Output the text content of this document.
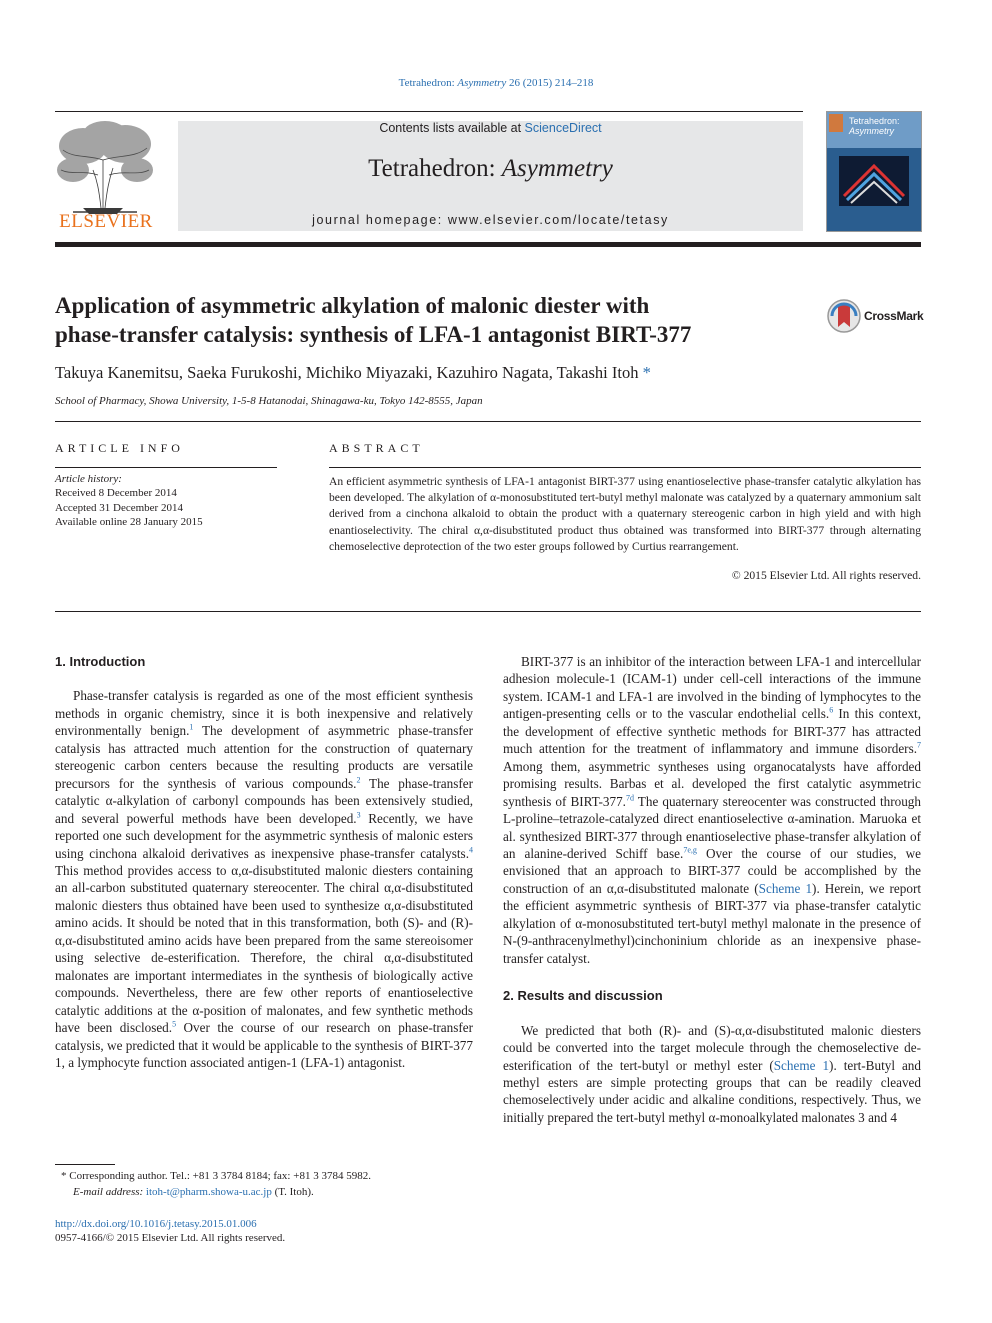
Tetrahedron: Asymmetry 26 (2015) 214–218
ELSEVIER
Contents lists available at ScienceDirect
Tetrahedron: Asymmetry
journal homepage: www.elsevier.com/locate/tetasy
Tetrahedron:
Asymmetry
Application of asymmetric alkylation of malonic diester with
phase-transfer catalysis: synthesis of LFA-1 antagonist BIRT-377
CrossMark
Takuya Kanemitsu, Saeka Furukoshi, Michiko Miyazaki, Kazuhiro Nagata, Takashi Itoh *
School of Pharmacy, Showa University, 1-5-8 Hatanodai, Shinagawa-ku, Tokyo 142-8555, Japan
ARTICLE INFO
Article history:
Received 8 December 2014
Accepted 31 December 2014
Available online 28 January 2015
ABSTRACT
An efficient asymmetric synthesis of LFA-1 antagonist BIRT-377 using enantioselective phase-transfer catalytic alkylation has been developed. The alkylation of α-monosubstituted tert-butyl methyl malonate was catalyzed by a quaternary ammonium salt derived from a cinchona alkaloid to obtain the product with a quaternary stereogenic carbon in high yield and with high enantioselectivity. The chiral α,α-disubstituted product thus obtained was transformed into BIRT-377 through alternating chemoselective deprotection of the two ester groups followed by Curtius rearrangement.
© 2015 Elsevier Ltd. All rights reserved.
1. Introduction

Phase-transfer catalysis is regarded as one of the most efficient synthesis methods in organic chemistry, since it is both inexpensive and relatively environmentally benign.$^1$ The development of asymmetric phase-transfer catalysis has attracted much attention for the construction of quaternary stereogenic carbon centers because the resulting products are versatile precursors for the synthesis of various compounds.$^2$ The phase-transfer catalytic α-alkylation of carbonyl compounds has been extensively studied, and several powerful methods have been developed.$^3$ Recently, we have reported one such development for the asymmetric synthesis of malonic esters using cinchona alkaloid derivatives as inexpensive phase-transfer catalysts.$^4$ This method provides access to α,α-disubstituted malonic diesters containing an all-carbon substituted quaternary stereocenter. The chiral α,α-disubstituted malonic diesters thus obtained have been used to synthesize α,α-disubstituted amino acids. It should be noted that in this transformation, both (S)- and (R)-α,α-disubstituted amino acids have been prepared from the same stereoisomer using selective de-esterification. Therefore, the chiral α,α-disubstituted malonates are important intermediates in the synthesis of biologically active compounds. Nevertheless, there are few other reports of enantioselective catalytic additions at the α-position of malonates, and few synthetic methods have been disclosed.$^5$ Over the course of our research on phase-transfer catalysis, we predicted that it would be applicable to the synthesis of BIRT-377 1, a lymphocyte function associated antigen-1 (LFA-1) antagonist.

BIRT-377 is an inhibitor of the interaction between LFA-1 and intercellular adhesion molecule-1 (ICAM-1) under cell-cell interactions of the immune system. ICAM-1 and LFA-1 are involved in the binding of lymphocytes to the antigen-presenting cells or to the vascular endothelial cells.$^6$ In this context, the development of effective synthetic methods for BIRT-377 has attracted much attention for the treatment of inflammatory and immune disorders.$^7$ Among them, asymmetric syntheses using organocatalysts have afforded promising results. Barbas et al. developed the first catalytic asymmetric synthesis of BIRT-377.$^{7d}$ The quaternary stereocenter was constructed through L-proline–tetrazole-catalyzed direct enantioselective α-amination. Maruoka et al. synthesized BIRT-377 through enantioselective phase-transfer alkylation of an alanine-derived Schiff base.$^{7e,g}$ Over the course of our studies, we envisioned that an approach to BIRT-377 could be accomplished by the construction of an α,α-disubstituted malonate (Scheme 1). Herein, we report the efficient asymmetric synthesis of BIRT-377 via phase-transfer catalytic alkylation of α-monosubstituted tert-butyl methyl malonate in the presence of N-(9-anthracenylmethyl)cinchoninium chloride as an inexpensive phase-transfer catalyst.

2. Results and discussion

We predicted that both (R)- and (S)-α,α-disubstituted malonic diesters could be converted into the target molecule through the chemoselective de-esterification of the tert-butyl or methyl ester (Scheme 1). tert-Butyl and methyl esters are simple protecting groups that can be readily cleaved chemoselectively under acidic and alkaline conditions, respectively. Thus, we initially prepared the tert-butyl methyl α-monoalkylated malonates 3 and 4

* Corresponding author. Tel.: +81 3 3784 8184; fax: +81 3 3784 5982.
E-mail address: itoh-t@pharm.showa-u.ac.jp (T. Itoh).
http://dx.doi.org/10.1016/j.tetasy.2015.01.006
0957-4166/© 2015 Elsevier Ltd. All rights reserved.
